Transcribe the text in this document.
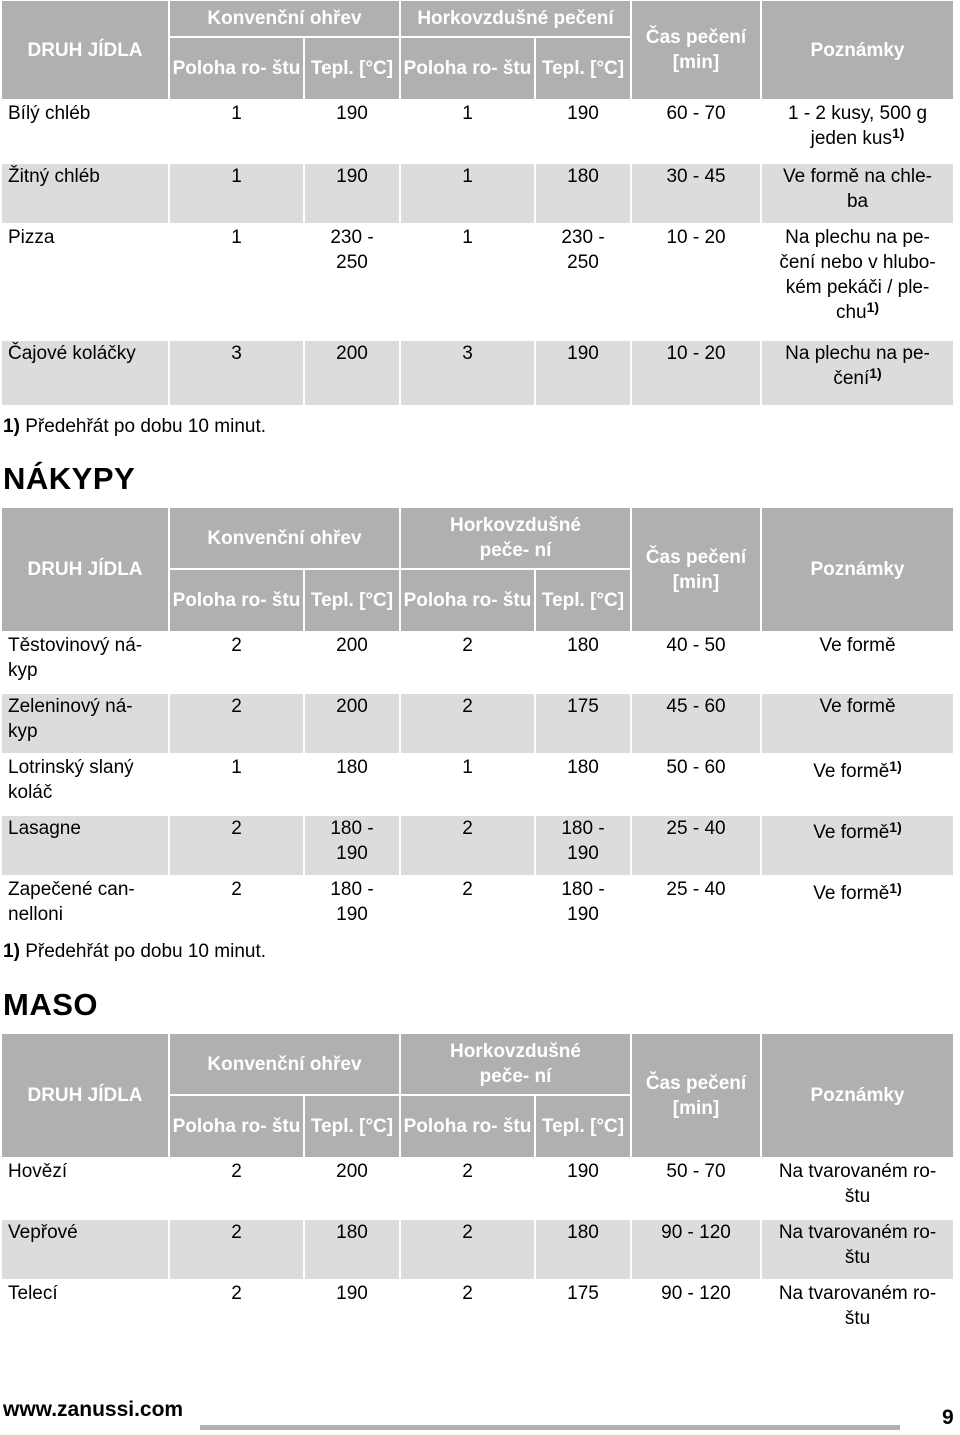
DRUH JÍDLA	Konvenční ohřev		Horkovzdušné pečení		Čas pečení [min]	Poznámky
	Poloha ro- štu	Tepl. [°C]	Poloha ro- štu	Tepl. [°C]		
Bílý chléb	1	190	1	190	60 - 70	1 - 2 kusy, 500 g jeden kus$^{1)}$
Žitný chléb	1	190	1	180	30 - 45	Ve formě na chle- ba
Pizza	1	230 - 250	1	230 - 250	10 - 20	Na plechu na pe- čení nebo v hlubo- kém pekáči / ple- chu$^{1)}$
Čajové koláčky	3	200	3	190	10 - 20	Na plechu na pe- čení$^{1)}$
1) Předehřát po dobu 10 minut.
NÁKYPY
DRUH JÍDLA	Konvenční ohřev		Horkovzdušné peče- ní		Čas pečení [min]	Poznámky
	Poloha ro- štu	Tepl. [°C]	Poloha ro- štu	Tepl. [°C]		
Těstovinový ná- kyp	2	200	2	180	40 - 50	Ve formě
Zeleninový ná- kyp	2	200	2	175	45 - 60	Ve formě
Lotrinský slaný koláč	1	180	1	180	50 - 60	Ve formě$^{1)}$
Lasagne	2	180 - 190	2	180 - 190	25 - 40	Ve formě$^{1)}$
Zapečené can- nelloni	2	180 - 190	2	180 - 190	25 - 40	Ve formě$^{1)}$
1) Předehřát po dobu 10 minut.
MASO
DRUH JÍDLA	Konvenční ohřev		Horkovzdušné peče- ní		Čas pečení [min]	Poznámky
	Poloha ro- štu	Tepl. [°C]	Poloha ro- štu	Tepl. [°C]		
Hovězí	2	200	2	190	50 - 70	Na tvarovaném ro- štu
Vepřové	2	180	2	180	90 - 120	Na tvarovaném ro- štu
Telecí	2	190	2	175	90 - 120	Na tvarovaném ro- štu
www.zanussi.com	9
